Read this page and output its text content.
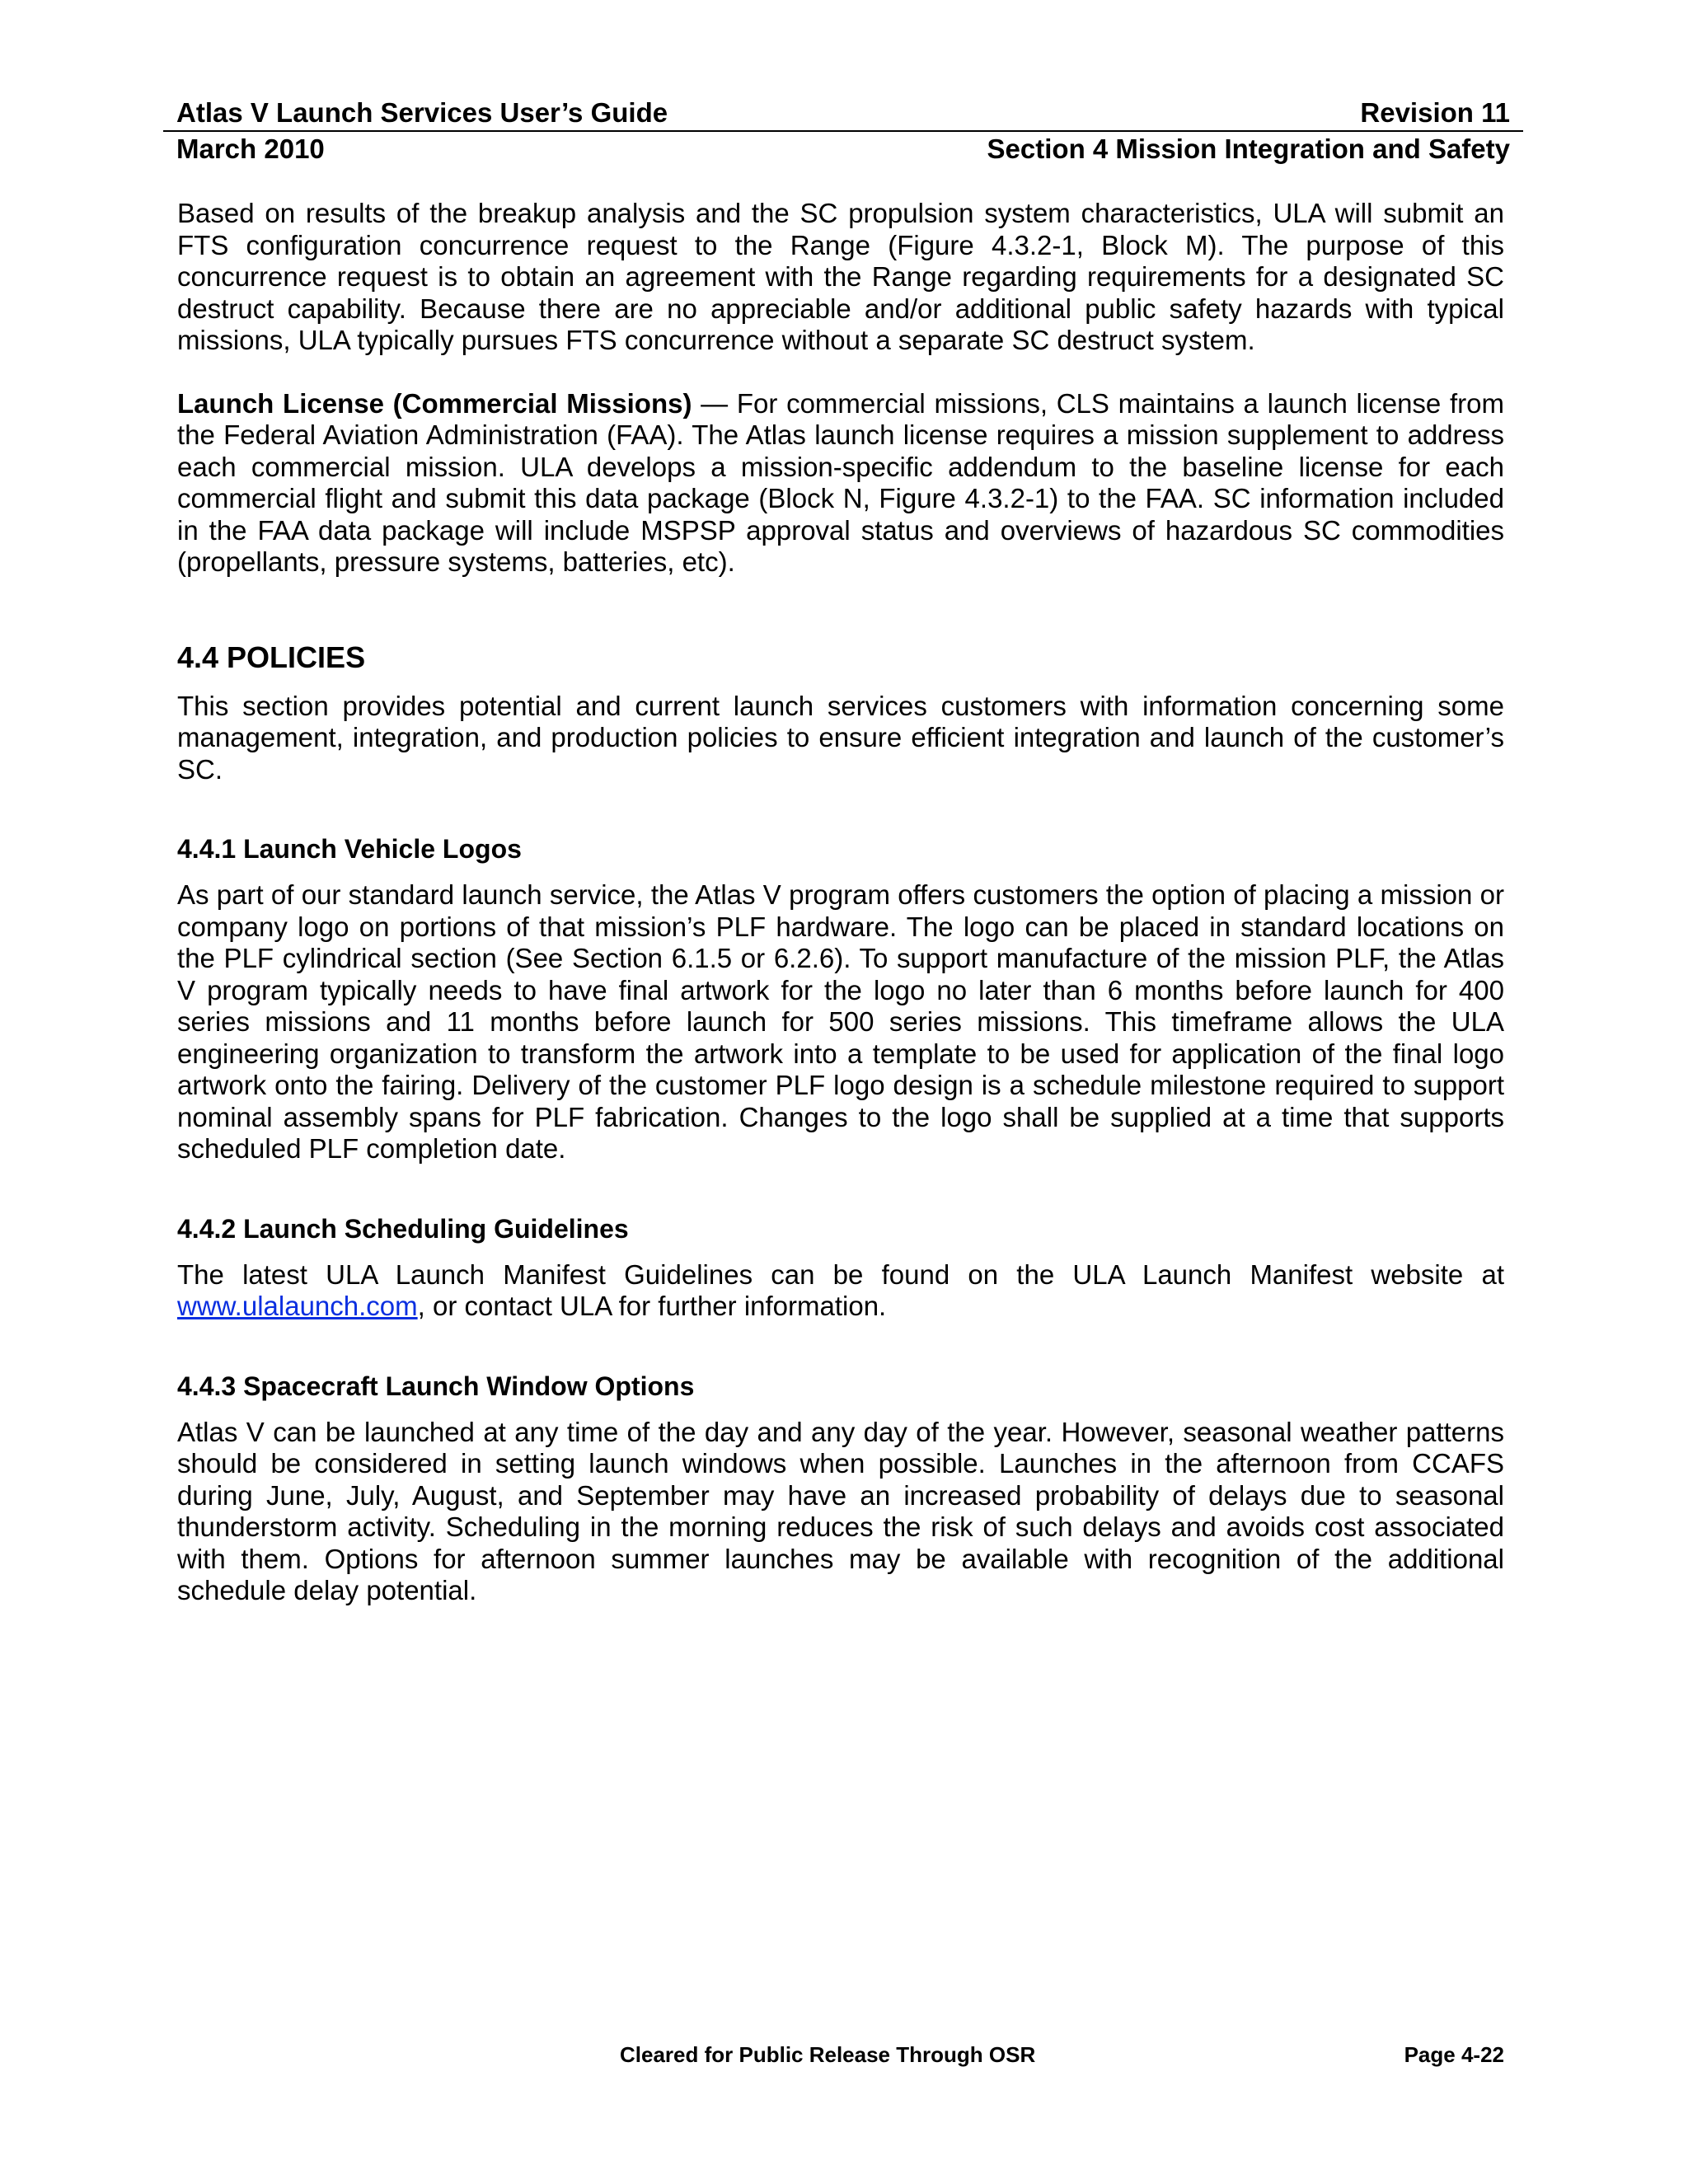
Atlas V Launch Services User’s Guide	Revision 11
March 2010	Section 4 Mission Integration and Safety

Based on results of the breakup analysis and the SC propulsion system characteristics, ULA will submit an FTS configuration concurrence request to the Range (Figure 4.3.2-1, Block M). The purpose of this concurrence request is to obtain an agreement with the Range regarding requirements for a designated SC destruct capability. Because there are no appreciable and/or additional public safety hazards with typical missions, ULA typically pursues FTS concurrence without a separate SC destruct system.

Launch License (Commercial Missions) — For commercial missions, CLS maintains a launch license from the Federal Aviation Administration (FAA). The Atlas launch license requires a mission supplement to address each commercial mission. ULA develops a mission-specific addendum to the baseline license for each commercial flight and submit this data package (Block N, Figure 4.3.2-1) to the FAA. SC information included in the FAA data package will include MSPSP approval status and overviews of hazardous SC commodities (propellants, pressure systems, batteries, etc).

4.4 POLICIES

This section provides potential and current launch services customers with information concerning some management, integration, and production policies to ensure efficient integration and launch of the customer’s SC.

4.4.1 Launch Vehicle Logos

As part of our standard launch service, the Atlas V program offers customers the option of placing a mission or company logo on portions of that mission’s PLF hardware. The logo can be placed in standard locations on the PLF cylindrical section (See Section 6.1.5 or 6.2.6). To support manufacture of the mission PLF, the Atlas V program typically needs to have final artwork for the logo no later than 6 months before launch for 400 series missions and 11 months before launch for 500 series missions. This timeframe allows the ULA engineering organization to transform the artwork into a template to be used for application of the final logo artwork onto the fairing. Delivery of the customer PLF logo design is a schedule milestone required to support nominal assembly spans for PLF fabrication. Changes to the logo shall be supplied at a time that supports scheduled PLF completion date.

4.4.2 Launch Scheduling Guidelines

The latest ULA Launch Manifest Guidelines can be found on the ULA Launch Manifest website at www.ulalaunch.com, or contact ULA for further information.

4.4.3 Spacecraft Launch Window Options

Atlas V can be launched at any time of the day and any day of the year. However, seasonal weather patterns should be considered in setting launch windows when possible. Launches in the afternoon from CCAFS during June, July, August, and September may have an increased probability of delays due to seasonal thunderstorm activity. Scheduling in the morning reduces the risk of such delays and avoids cost associated with them. Options for afternoon summer launches may be available with recognition of the additional schedule delay potential.

Cleared for Public Release Through OSR	Page 4-22
